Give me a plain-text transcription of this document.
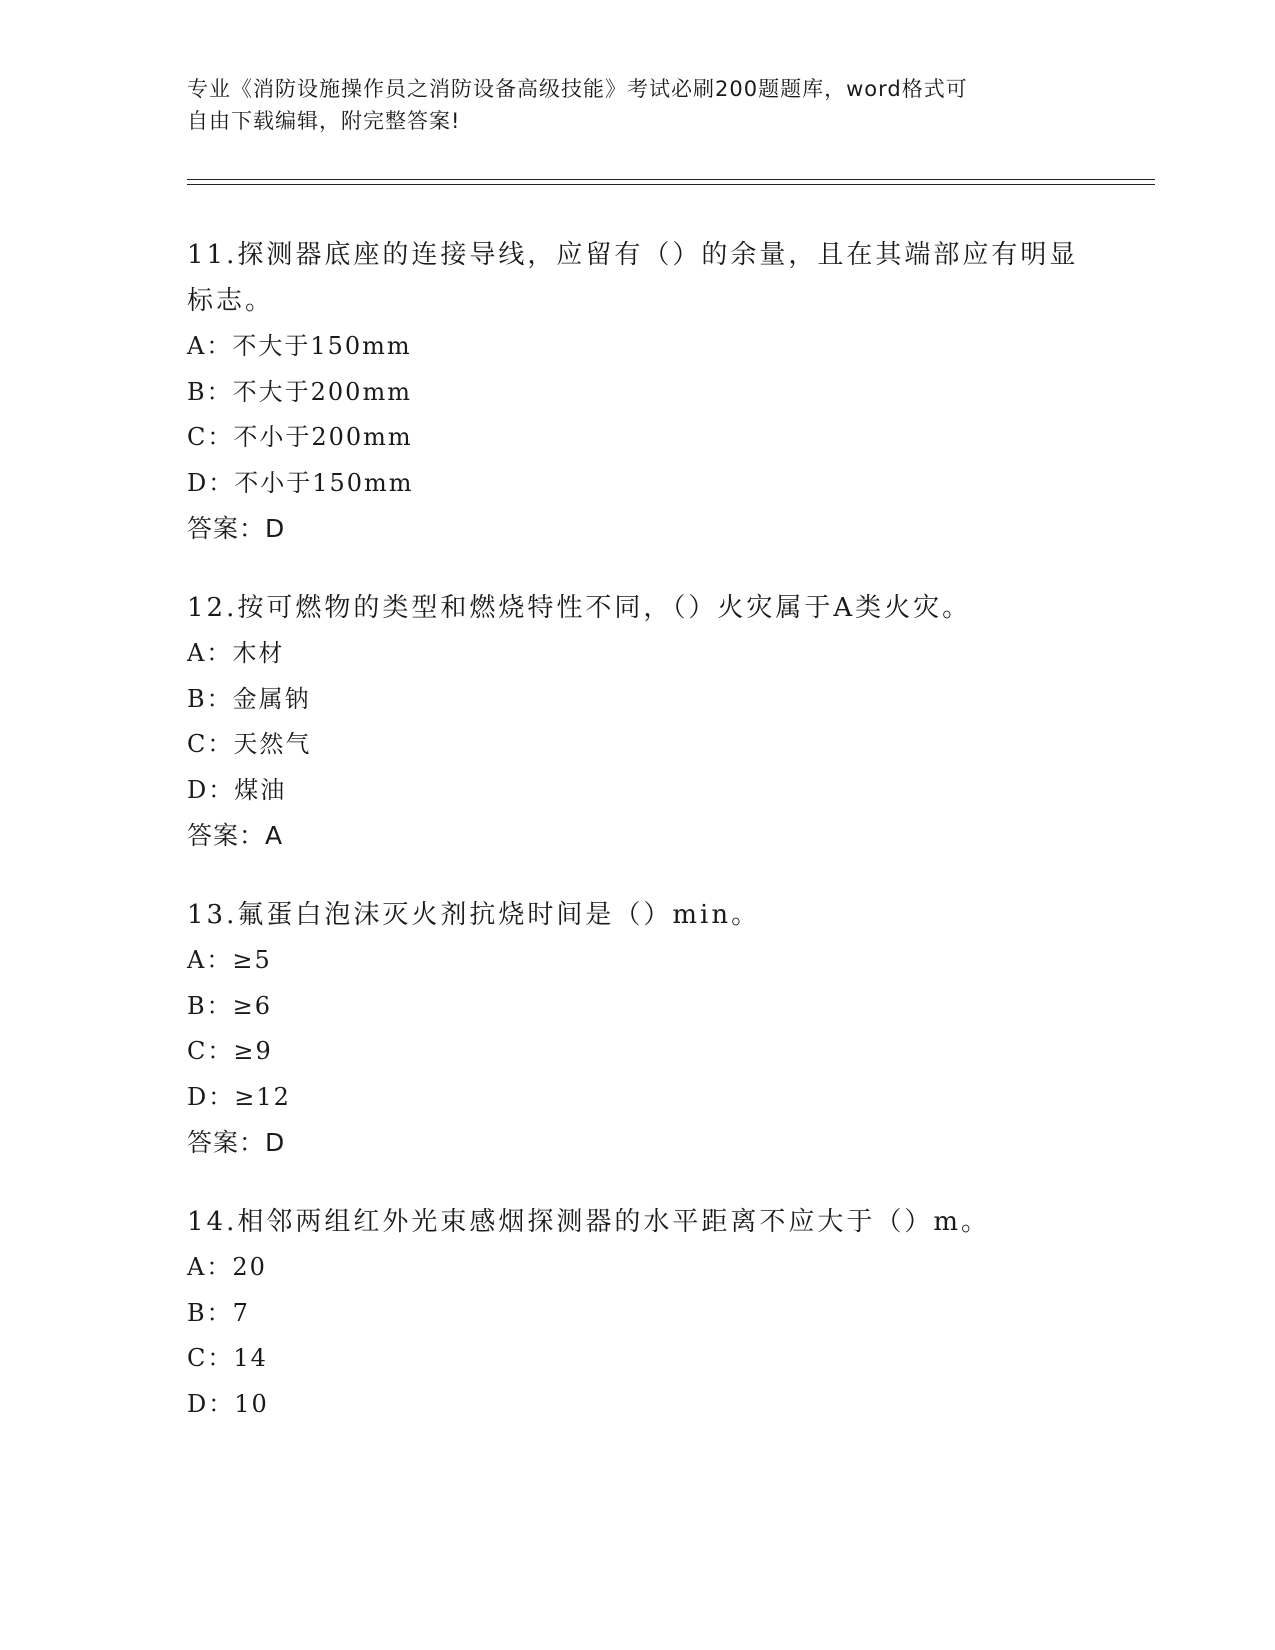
专业《消防设施操作员之消防设备高级技能》考试必刷200题题库，word格式可
自由下载编辑，附完整答案!

11.探测器底座的连接导线，应留有（）的余量，且在其端部应有明显

标志。

A：不大于150mm

B：不大于200mm

C：不小于200mm

D：不小于150mm

答案：D

12.按可燃物的类型和燃烧特性不同，（）火灾属于A类火灾。

A：木材

B：金属钠

C：天然气

D：煤油

答案：A

13.氟蛋白泡沫灭火剂抗烧时间是（）min。

A：≥5

B：≥6

C：≥9

D：≥12

答案：D

14.相邻两组红外光束感烟探测器的水平距离不应大于（）m。

A：20

B：7

C：14

D：10
